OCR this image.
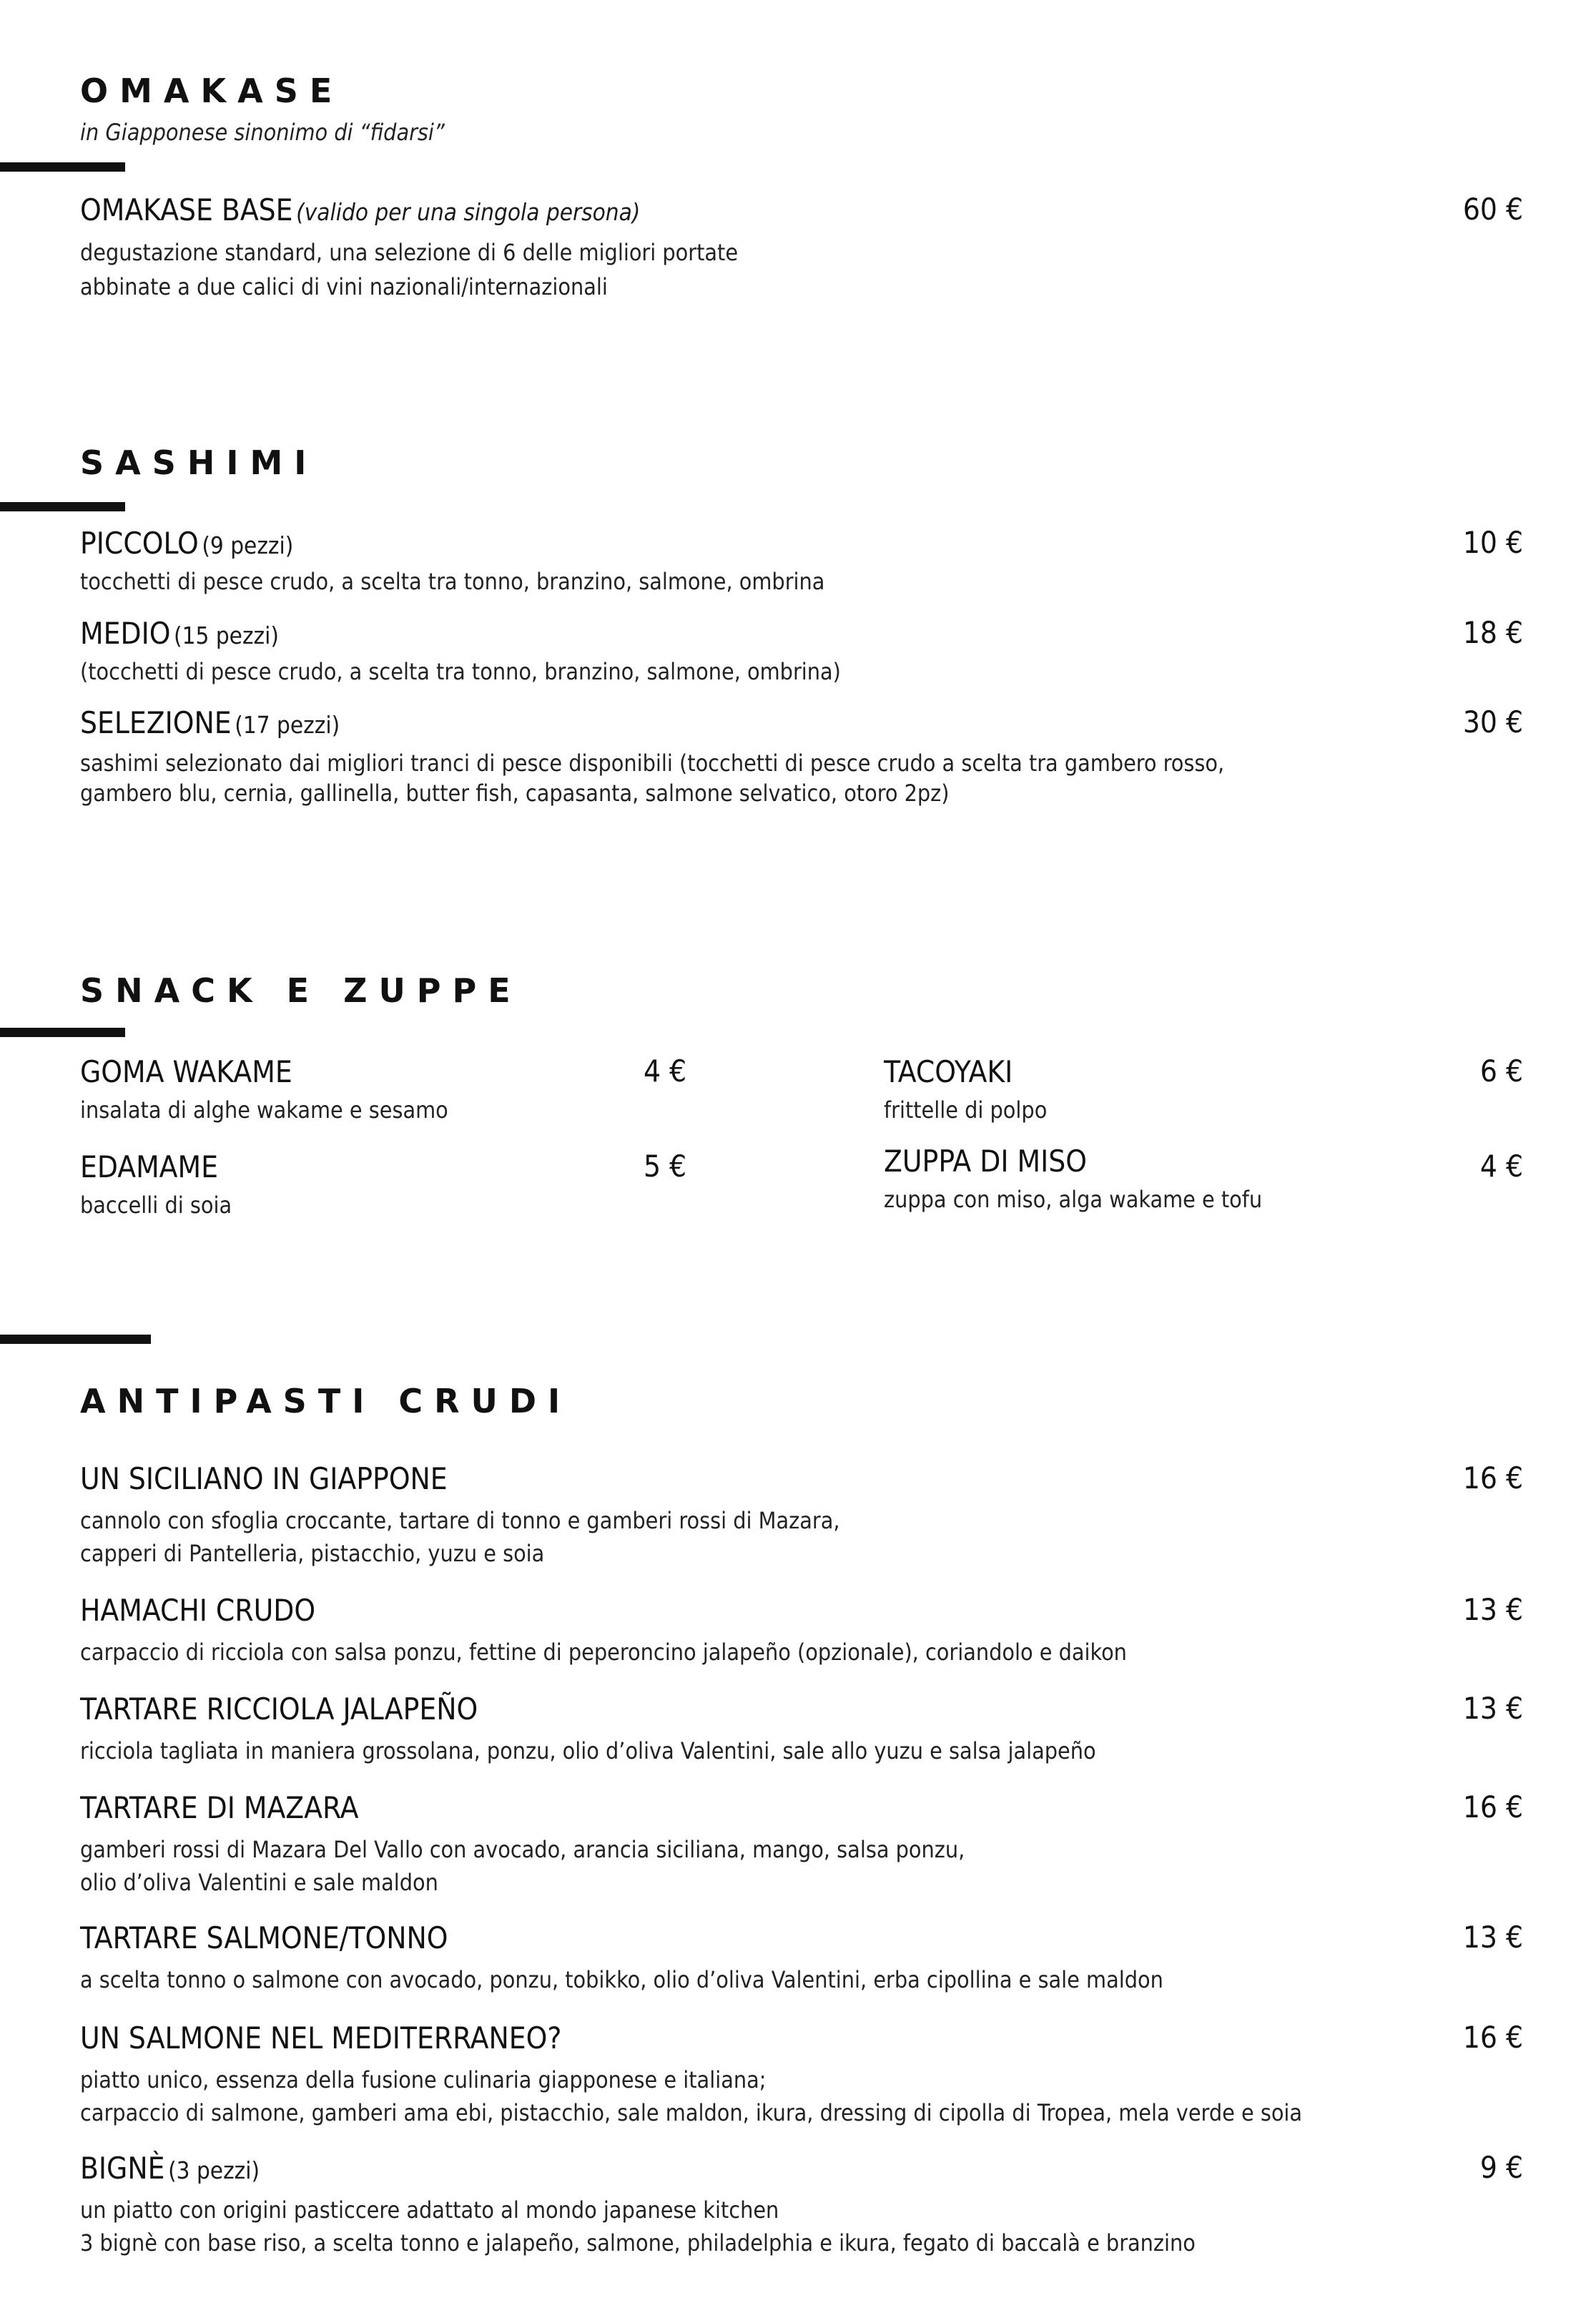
OMAKASE

in Giapponese sinonimo di “fidarsi”

OMAKASE BASE (valido per una singola persona)
degustazione standard, una selezione di 6 delle migliori portate
abbinate a due calici di vini nazionali/internazionali
60 €
SASHIMI
PICCOLO (9 pezzi)
tocchetti di pesce crudo, a scelta tra tonno, branzino, salmone, ombrina
10 €
MEDIO (15 pezzi)
(tocchetti di pesce crudo, a scelta tra tonno, branzino, salmone, ombrina)
18 €
SELEZIONE (17 pezzi)
sashimi selezionato dai migliori tranci di pesce disponibili (tocchetti di pesce crudo a scelta tra gambero rosso,
gambero blu, cernia, gallinella, butter fish, capasanta, salmone selvatico, otoro 2pz)
30 €
SNACK E ZUPPE
GOMA WAKAME
insalata di alghe wakame e sesamo
4 €
EDAMAME
baccelli di soia
5 €
TACOYAKI
frittelle di polpo
6 €
ZUPPA DI MISO
zuppa con miso, alga wakame e tofu
4 €
ANTIPASTI CRUDI
UN SICILIANO IN GIAPPONE
cannolo con sfoglia croccante, tartare di tonno e gamberi rossi di Mazara,
capperi di Pantelleria, pistacchio, yuzu e soia
16 €
HAMACHI CRUDO
carpaccio di ricciola con salsa ponzu, fettine di peperoncino jalapeño (opzionale), coriandolo e daikon
13 €
TARTARE RICCIOLA JALAPEÑO
ricciola tagliata in maniera grossolana, ponzu, olio d’oliva Valentini, sale allo yuzu e salsa jalapeño
13 €
TARTARE DI MAZARA
gamberi rossi di Mazara Del Vallo con avocado, arancia siciliana, mango, salsa ponzu,
olio d’oliva Valentini e sale maldon
16 €
TARTARE SALMONE/TONNO
a scelta tonno o salmone con avocado, ponzu, tobikko, olio d’oliva Valentini, erba cipollina e sale maldon
13 €
UN SALMONE NEL MEDITERRANEO?
piatto unico, essenza della fusione culinaria giapponese e italiana;
carpaccio di salmone, gamberi ama ebi, pistacchio, sale maldon, ikura, dressing di cipolla di Tropea, mela verde e soia
16 €
BIGNÈ (3 pezzi)
un piatto con origini pasticcere adattato al mondo japanese kitchen
3 bignè con base riso, a scelta tonno e jalapeño, salmone, philadelphia e ikura, fegato di baccalà e branzino
9 €
